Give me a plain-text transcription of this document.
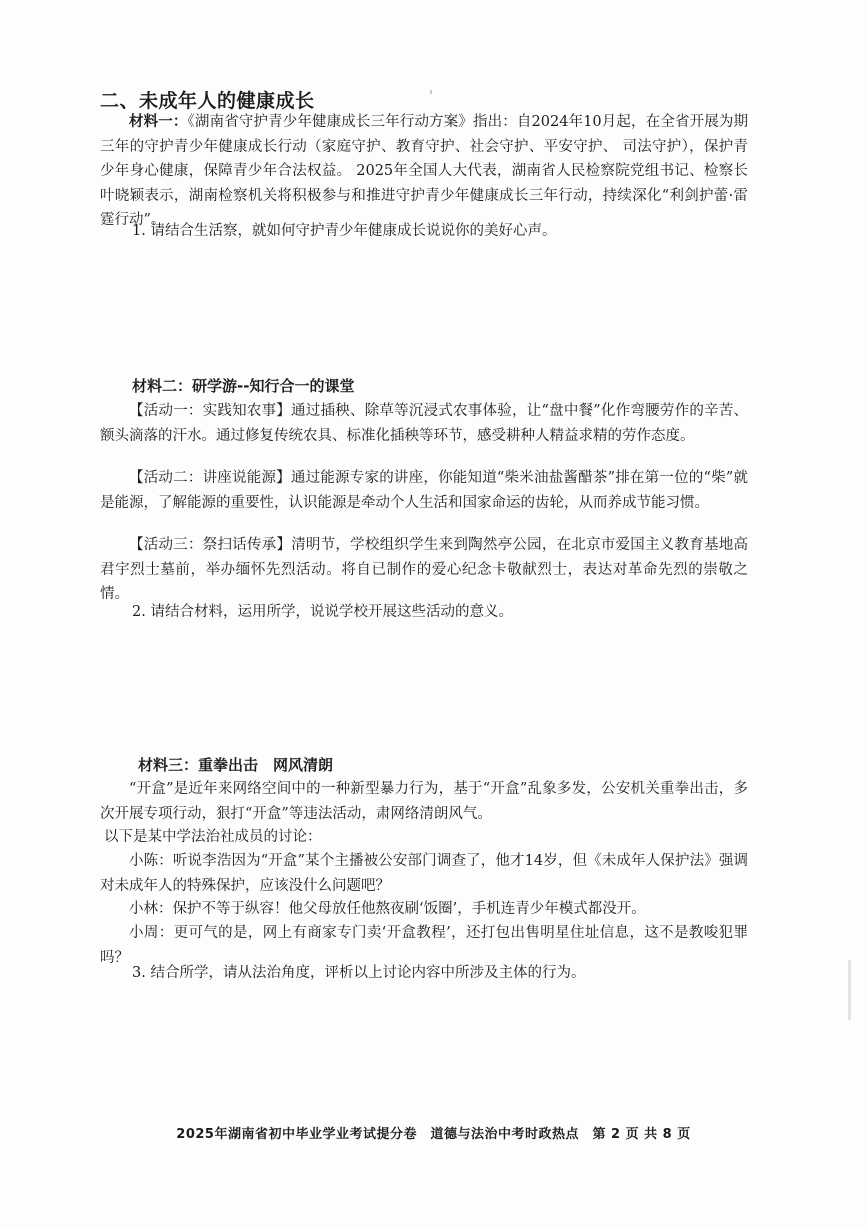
二、未成年人的健康成长
材料一：《湖南省守护青少年健康成长三年行动方案》指出：自2024年10月起，在全省开展为期三年的守护青少年健康成长行动（家庭守护、教育守护、社会守护、平安守护、 司法守护），保护青少年身心健康，保障青少年合法权益。 2025年全国人大代表，湖南省人民检察院党组书记、检察长叶晓颖表示，湖南检察机关将积极参与和推进守护青少年健康成长三年行动，持续深化“利剑护蕾·雷霆行动”。
1. 请结合生活察，就如何守护青少年健康成长说说你的美好心声。
材料二：研学游--知行合一的课堂
【活动一：实践知农事】通过插秧、除草等沉浸式农事体验，让“盘中餐”化作弯腰劳作的辛苦、额头滴落的汗水。通过修复传统农具、标准化插秧等环节，感受耕种人精益求精的劳作态度。
【活动二：讲座说能源】通过能源专家的讲座，你能知道“柴米油盐酱醋茶”排在第一位的“柴”就是能源，了解能源的重要性，认识能源是牵动个人生活和国家命运的齿轮，从而养成节能习惯。
【活动三：祭扫话传承】清明节，学校组织学生来到陶然亭公园，在北京市爱国主义教育基地高君宇烈士墓前，举办缅怀先烈活动。将自已制作的爱心纪念卡敬献烈士，表达对革命先烈的崇敬之情。
2. 请结合材料，运用所学，说说学校开展这些活动的意义。
材料三：重拳出击　网风清朗
“开盒”是近年来网络空间中的一种新型暴力行为，基于“开盒”乱象多发，公安机关重拳出击，多次开展专项行动，狠打“开盒”等违法活动，肃网络清朗风气。
以下是某中学法治社成员的讨论：
小陈：听说李浩因为“开盒”某个主播被公安部门调查了，他才14岁，但《未成年人保护法》强调对未成年人的特殊保护，应该没什么问题吧？
小林：保护不等于纵容！他父母放任他熬夜刷‘饭圈’，手机连青少年模式都没开。
小周：更可气的是，网上有商家专门卖‘开盒教程’，还打包出售明星住址信息，这不是教唆犯罪吗？
3. 结合所学，请从法治角度，评析以上讨论内容中所涉及主体的行为。
2025年湖南省初中毕业学业考试提分卷　道德与法治中考时政热点　第 2 页 共 8 页
